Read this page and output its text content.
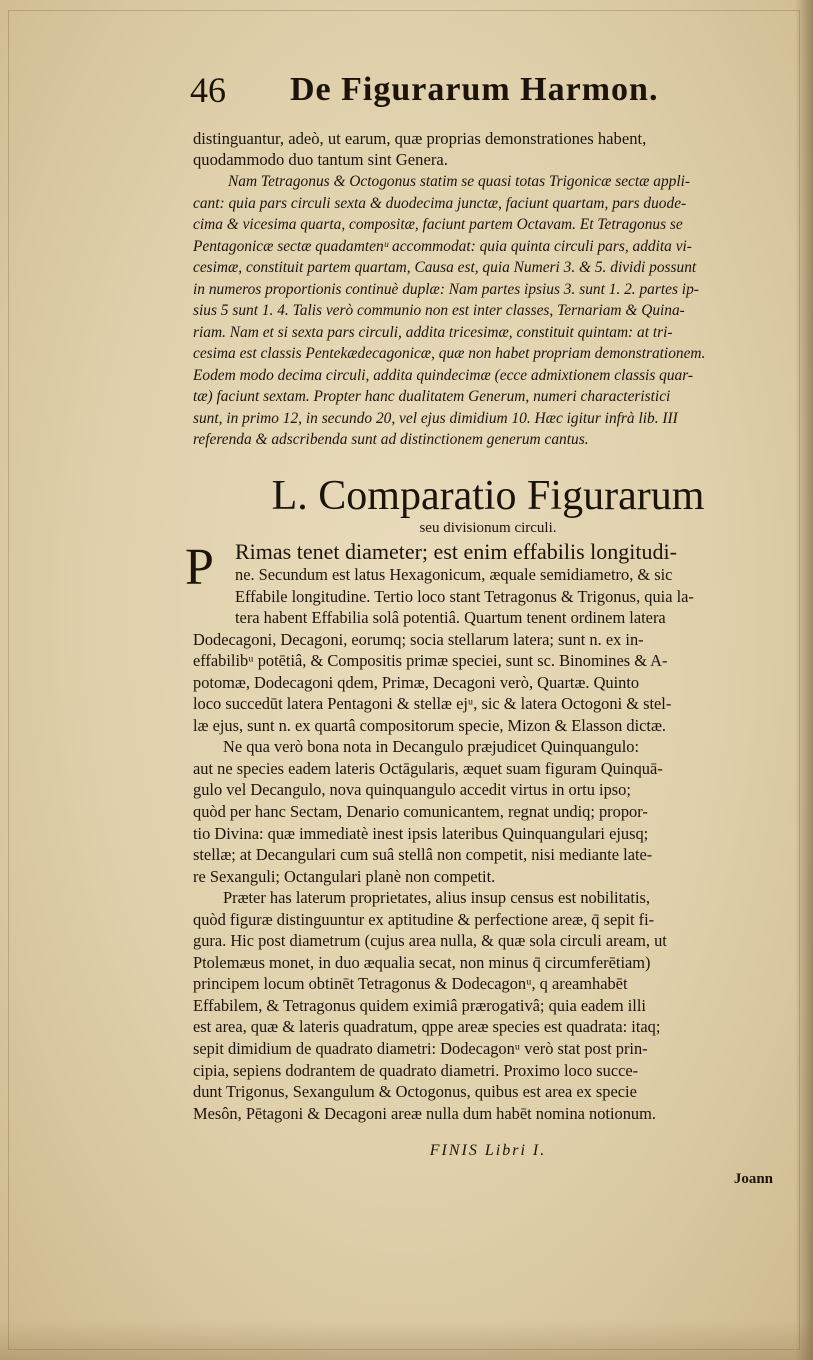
46 De Figurarum Harmon.
distinguantur, adeò, ut earum, quæ proprias demonstrationes habent,
quodammodo duo tantum sint Genera.
Nam Tetragonus & Octogonus statim se quasi totas Trigonicæ sectæ appli-
cant: quia pars circuli sexta & duodecima junctæ, faciunt quartam, pars duode-
cima & vicesima quarta, compositæ, faciunt partem Octavam. Et Tetragonus se
Pentagonicæ sectæ quadamtenᵘ accommodat: quia quinta circuli pars, addita vi-
cesimæ, constituit partem quartam, Causa est, quia Numeri 3. & 5. dividi possunt
in numeros proportionis continuè duplæ: Nam partes ipsius 3. sunt 1. 2. partes ip-
sius 5 sunt 1. 4. Talis verò communio non est inter classes, Ternariam & Quina-
riam. Nam et si sexta pars circuli, addita tricesimæ, constituit quintam: at tri-
cesima est classis Pentekædecagonicæ, quæ non habet propriam demonstrationem.
Eodem modo decima circuli, addita quindecimæ (ecce admixtionem classis quar-
tæ) faciunt sextam. Propter hanc dualitatem Generum, numeri characteristici
sunt, in primo 12, in secundo 20, vel ejus dimidium 10. Hæc igitur infrà lib. III
referenda & adscribenda sunt ad distinctionem generum cantus.
L. Comparatio Figurarum
seu divisionum circuli.
P Rimas tenet diameter; est enim effabilis longitudi-
ne. Secundum est latus Hexagonicum, æquale semidiametro, & sic
Effabile longitudine. Tertio loco stant Tetragonus & Trigonus, quia la-
tera habent Effabilia solâ potentiâ. Quartum tenent ordinem latera
Dodecagoni, Decagoni, eorumq; socia stellarum latera; sunt n. ex in-
effabilibᵘ potētiâ, & Compositis primæ speciei, sunt sc. Binomines & A-
potomæ, Dodecagoni qdem, Primæ, Decagoni verò, Quartæ. Quinto
loco succedūt latera Pentagoni & stellæ ejᵘ, sic & latera Octogoni & stel-
læ ejus, sunt n. ex quartâ compositorum specie, Mizon & Elasson dictæ.
Ne qua verò bona nota in Decangulo præjudicet Quinquangulo:
aut ne species eadem lateris Octāgularis, æquet suam figuram Quinquā-
gulo vel Decangulo, nova quinquangulo accedit virtus in ortu ipso;
quòd per hanc Sectam, Denario comunicantem, regnat undiq; propor-
tio Divina: quæ immediatè inest ipsis lateribus Quinquangulari ejusq;
stellæ; at Decangulari cum suâ stellâ non competit, nisi mediante late-
re Sexanguli; Octangulari planè non competit.
Præter has laterum proprietates, alius insup census est nobilitatis,
quòd figuræ distinguuntur ex aptitudine & perfectione areæ, q̄ sepit fi-
gura. Hic post diametrum (cujus area nulla, & quæ sola circuli aream, ut
Ptolemæus monet, in duo æqualia secat, non minus q̄ circumferētiam)
principem locum obtinēt Tetragonus & Dodecagonᵘ, q areamhabēt
Effabilem, & Tetragonus quidem eximiâ prærogativâ; quia eadem illi
est area, quæ & lateris quadratum, qppe areæ species est quadrata: itaq;
sepit dimidium de quadrato diametri: Dodecagonᵘ verò stat post prin-
cipia, sepiens dodrantem de quadrato diametri. Proximo loco succe-
dunt Trigonus, Sexangulum & Octogonus, quibus est area ex specie
Mesôn, Pētagoni & Decagoni areæ nulla dum habēt nomina notionum.
FINIS Libri I.
Joann
